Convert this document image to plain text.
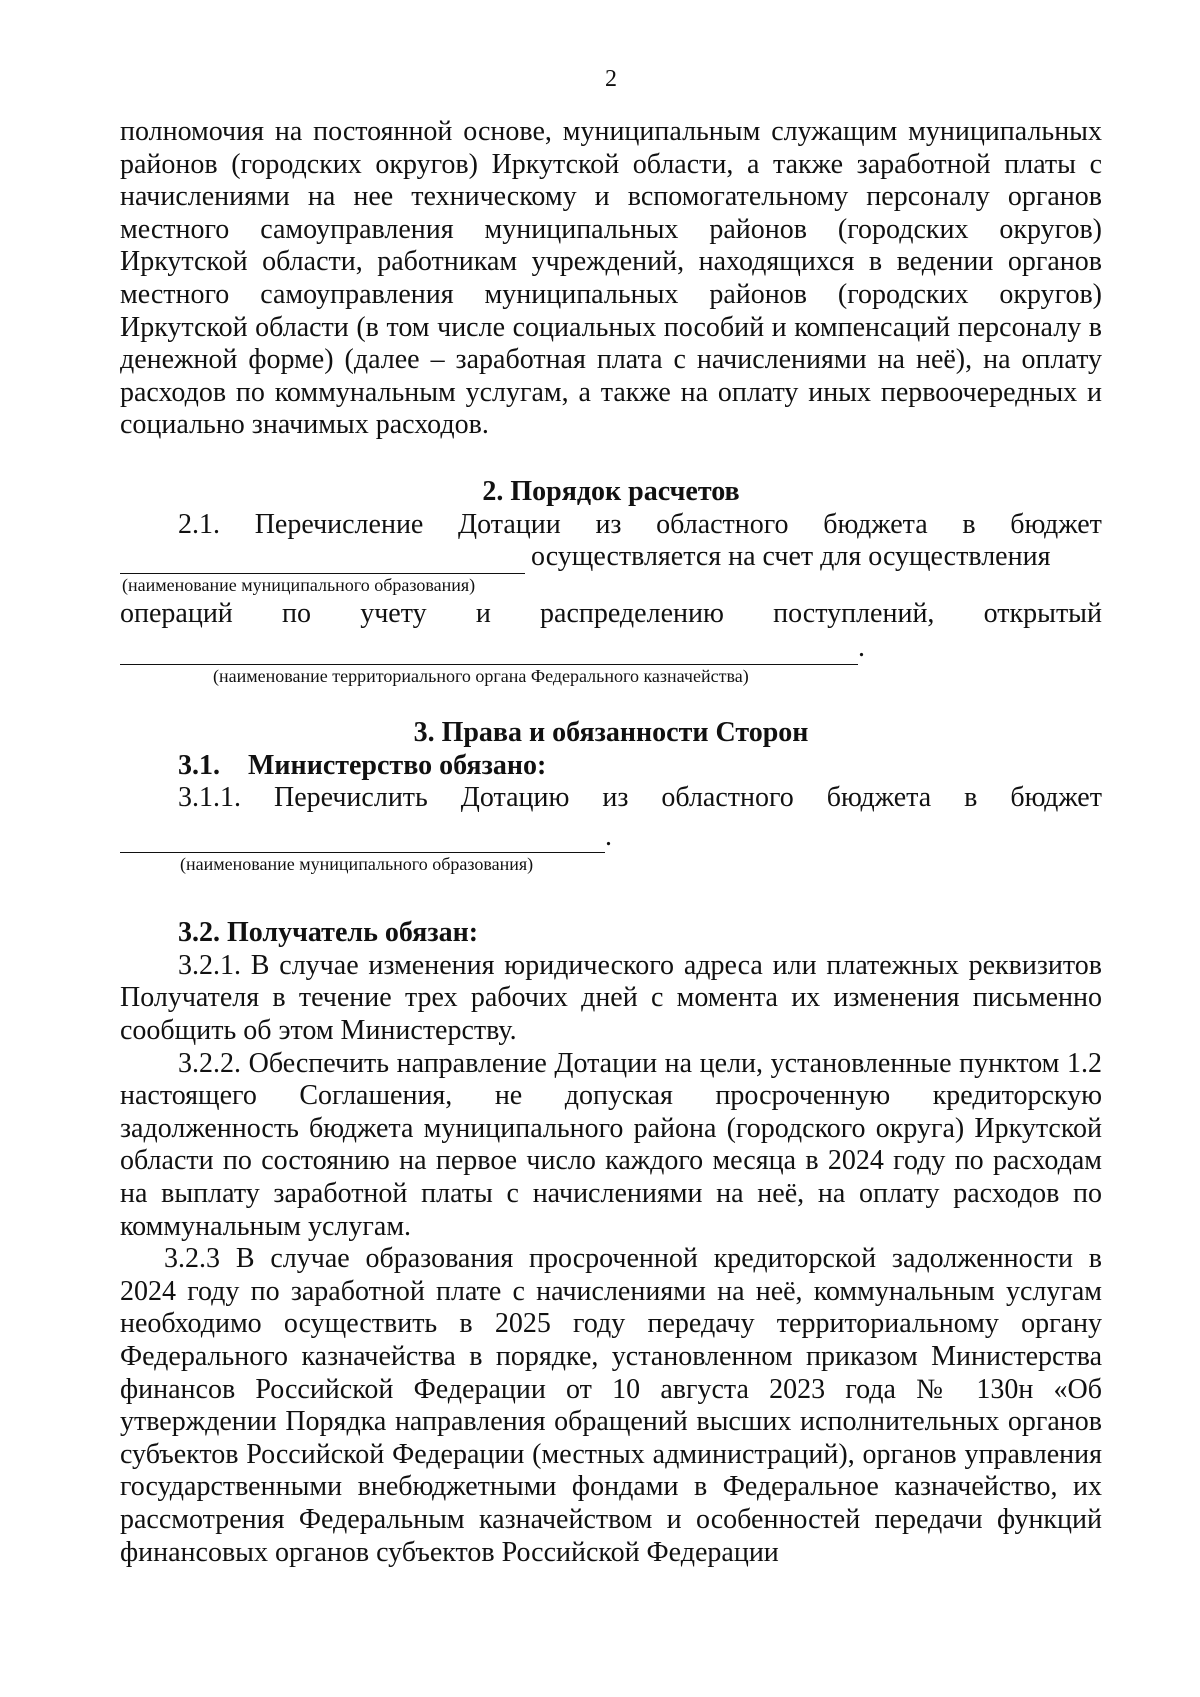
2

полномочия на постоянной основе, муниципальным служащим муниципальных районов (городских округов) Иркутской области, а также заработной платы с начислениями на нее техническому и вспомогательному персоналу органов местного самоуправления муниципальных районов (городских округов) Иркутской области, работникам учреждений, находящихся в ведении органов местного самоуправления муниципальных районов (городских округов) Иркутской области (в том числе социальных пособий и компенсаций персоналу в денежной форме) (далее – заработная плата с начислениями на неё), на оплату расходов по коммунальным услугам, а также на оплату иных первоочередных и социально значимых расходов.

2. Порядок расчетов

2.1. Перечисление Дотации из областного бюджета в бюджет
осуществляется на счет для осуществления

(наименование муниципального образования)

операций по учету и распределению поступлений, открытый
.

(наименование территориального органа Федерального казначейства)

3. Права и обязанности Сторон

3.1.	Министерство обязано:
3.1.1. Перечислить Дотацию из областного бюджета в бюджет
.

(наименование муниципального образования)

3.2. Получатель обязан:

3.2.1. В случае изменения юридического адреса или платежных реквизитов Получателя в течение трех рабочих дней с момента их изменения письменно сообщить об этом Министерству.

3.2.2. Обеспечить направление Дотации на цели, установленные пунктом 1.2 настоящего Соглашения, не допуская просроченную кредиторскую задолженность бюджета муниципального района (городского округа) Иркутской области по состоянию на первое число каждого месяца в 2024 году по расходам на выплату заработной платы с начислениями на неё, на оплату расходов по коммунальным услугам.

3.2.3 В случае образования просроченной кредиторской задолженности в 2024 году по заработной плате с начислениями на неё, коммунальным услугам необходимо осуществить в 2025 году передачу территориальному органу Федерального казначейства в порядке, установленном приказом Министерства финансов Российской Федерации от 10 августа 2023 года № 130н «Об утверждении Порядка направления обращений высших исполнительных органов субъектов Российской Федерации (местных администраций), органов управления государственными внебюджетными фондами в Федеральное казначейство, их рассмотрения Федеральным казначейством и особенностей передачи функций финансовых органов субъектов Российской Федерации
